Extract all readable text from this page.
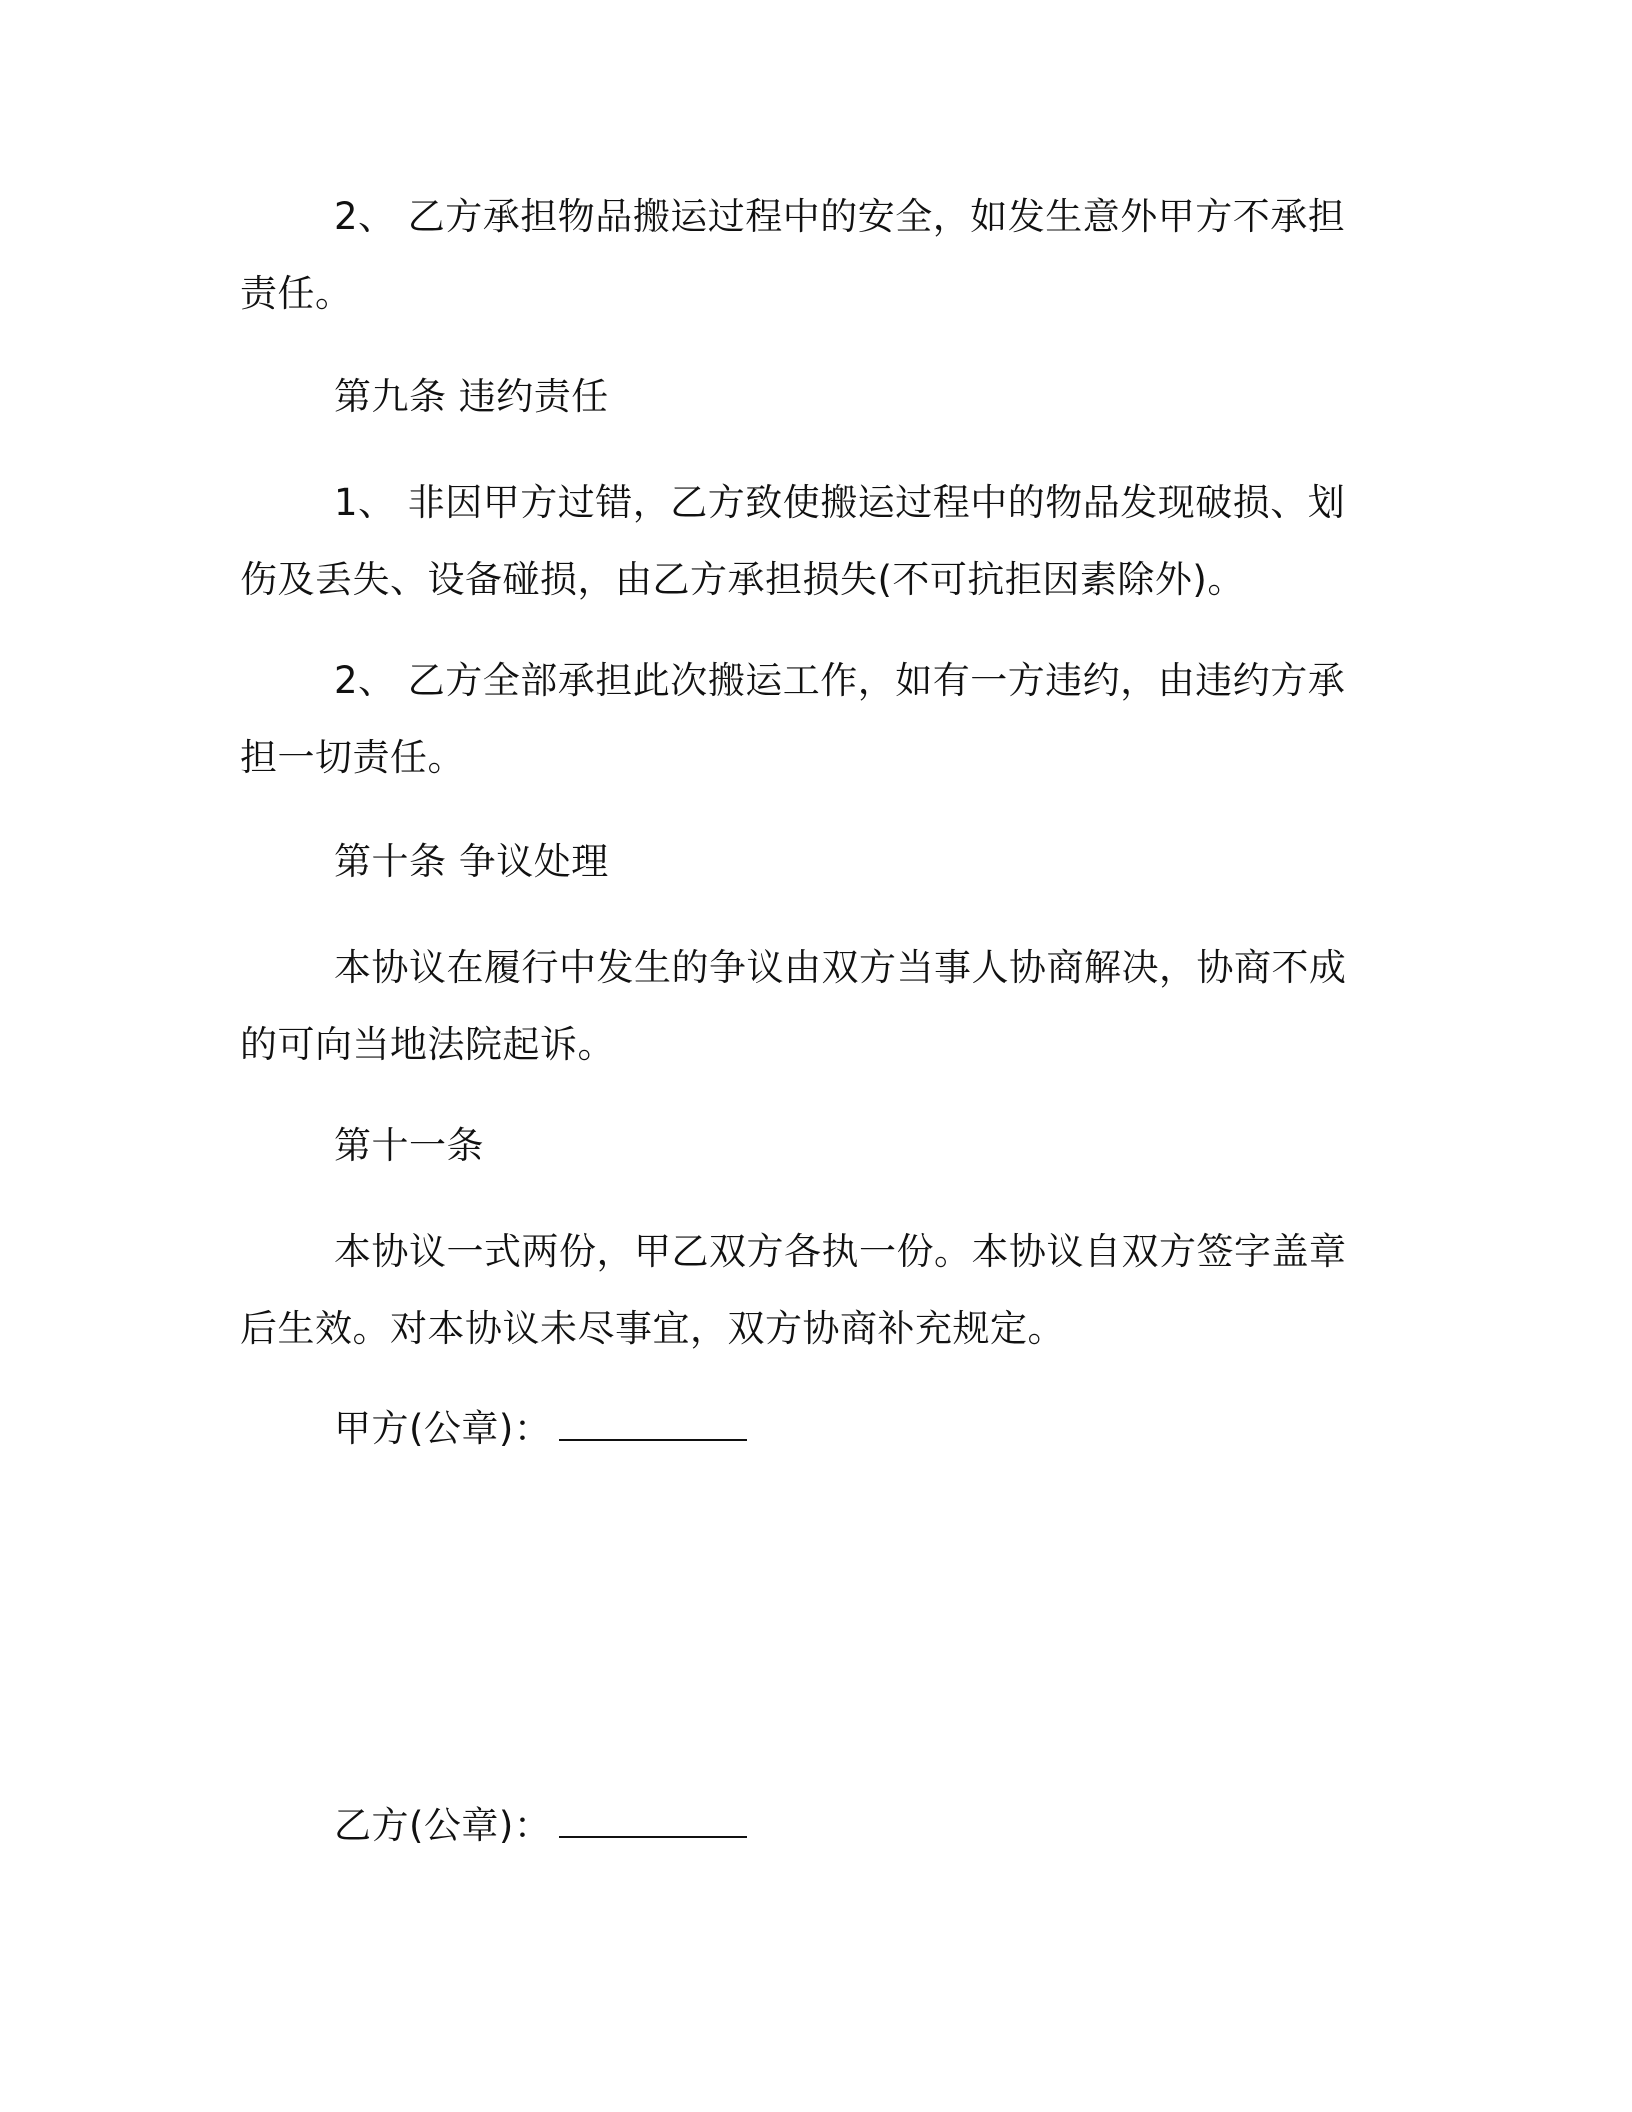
2、 乙方承担物品搬运过程中的安全，如发生意外甲方不承担责任。

第九条 违约责任

1、 非因甲方过错，乙方致使搬运过程中的物品发现破损、划伤及丢失、设备碰损，由乙方承担损失(不可抗拒因素除外)。

2、 乙方全部承担此次搬运工作，如有一方违约，由违约方承担一切责任。

第十条 争议处理

本协议在履行中发生的争议由双方当事人协商解决，协商不成的可向当地法院起诉。

第十一条

本协议一式两份，甲乙双方各执一份。本协议自双方签字盖章后生效。对本协议未尽事宜，双方协商补充规定。

甲方(公章)：
乙方(公章)：
